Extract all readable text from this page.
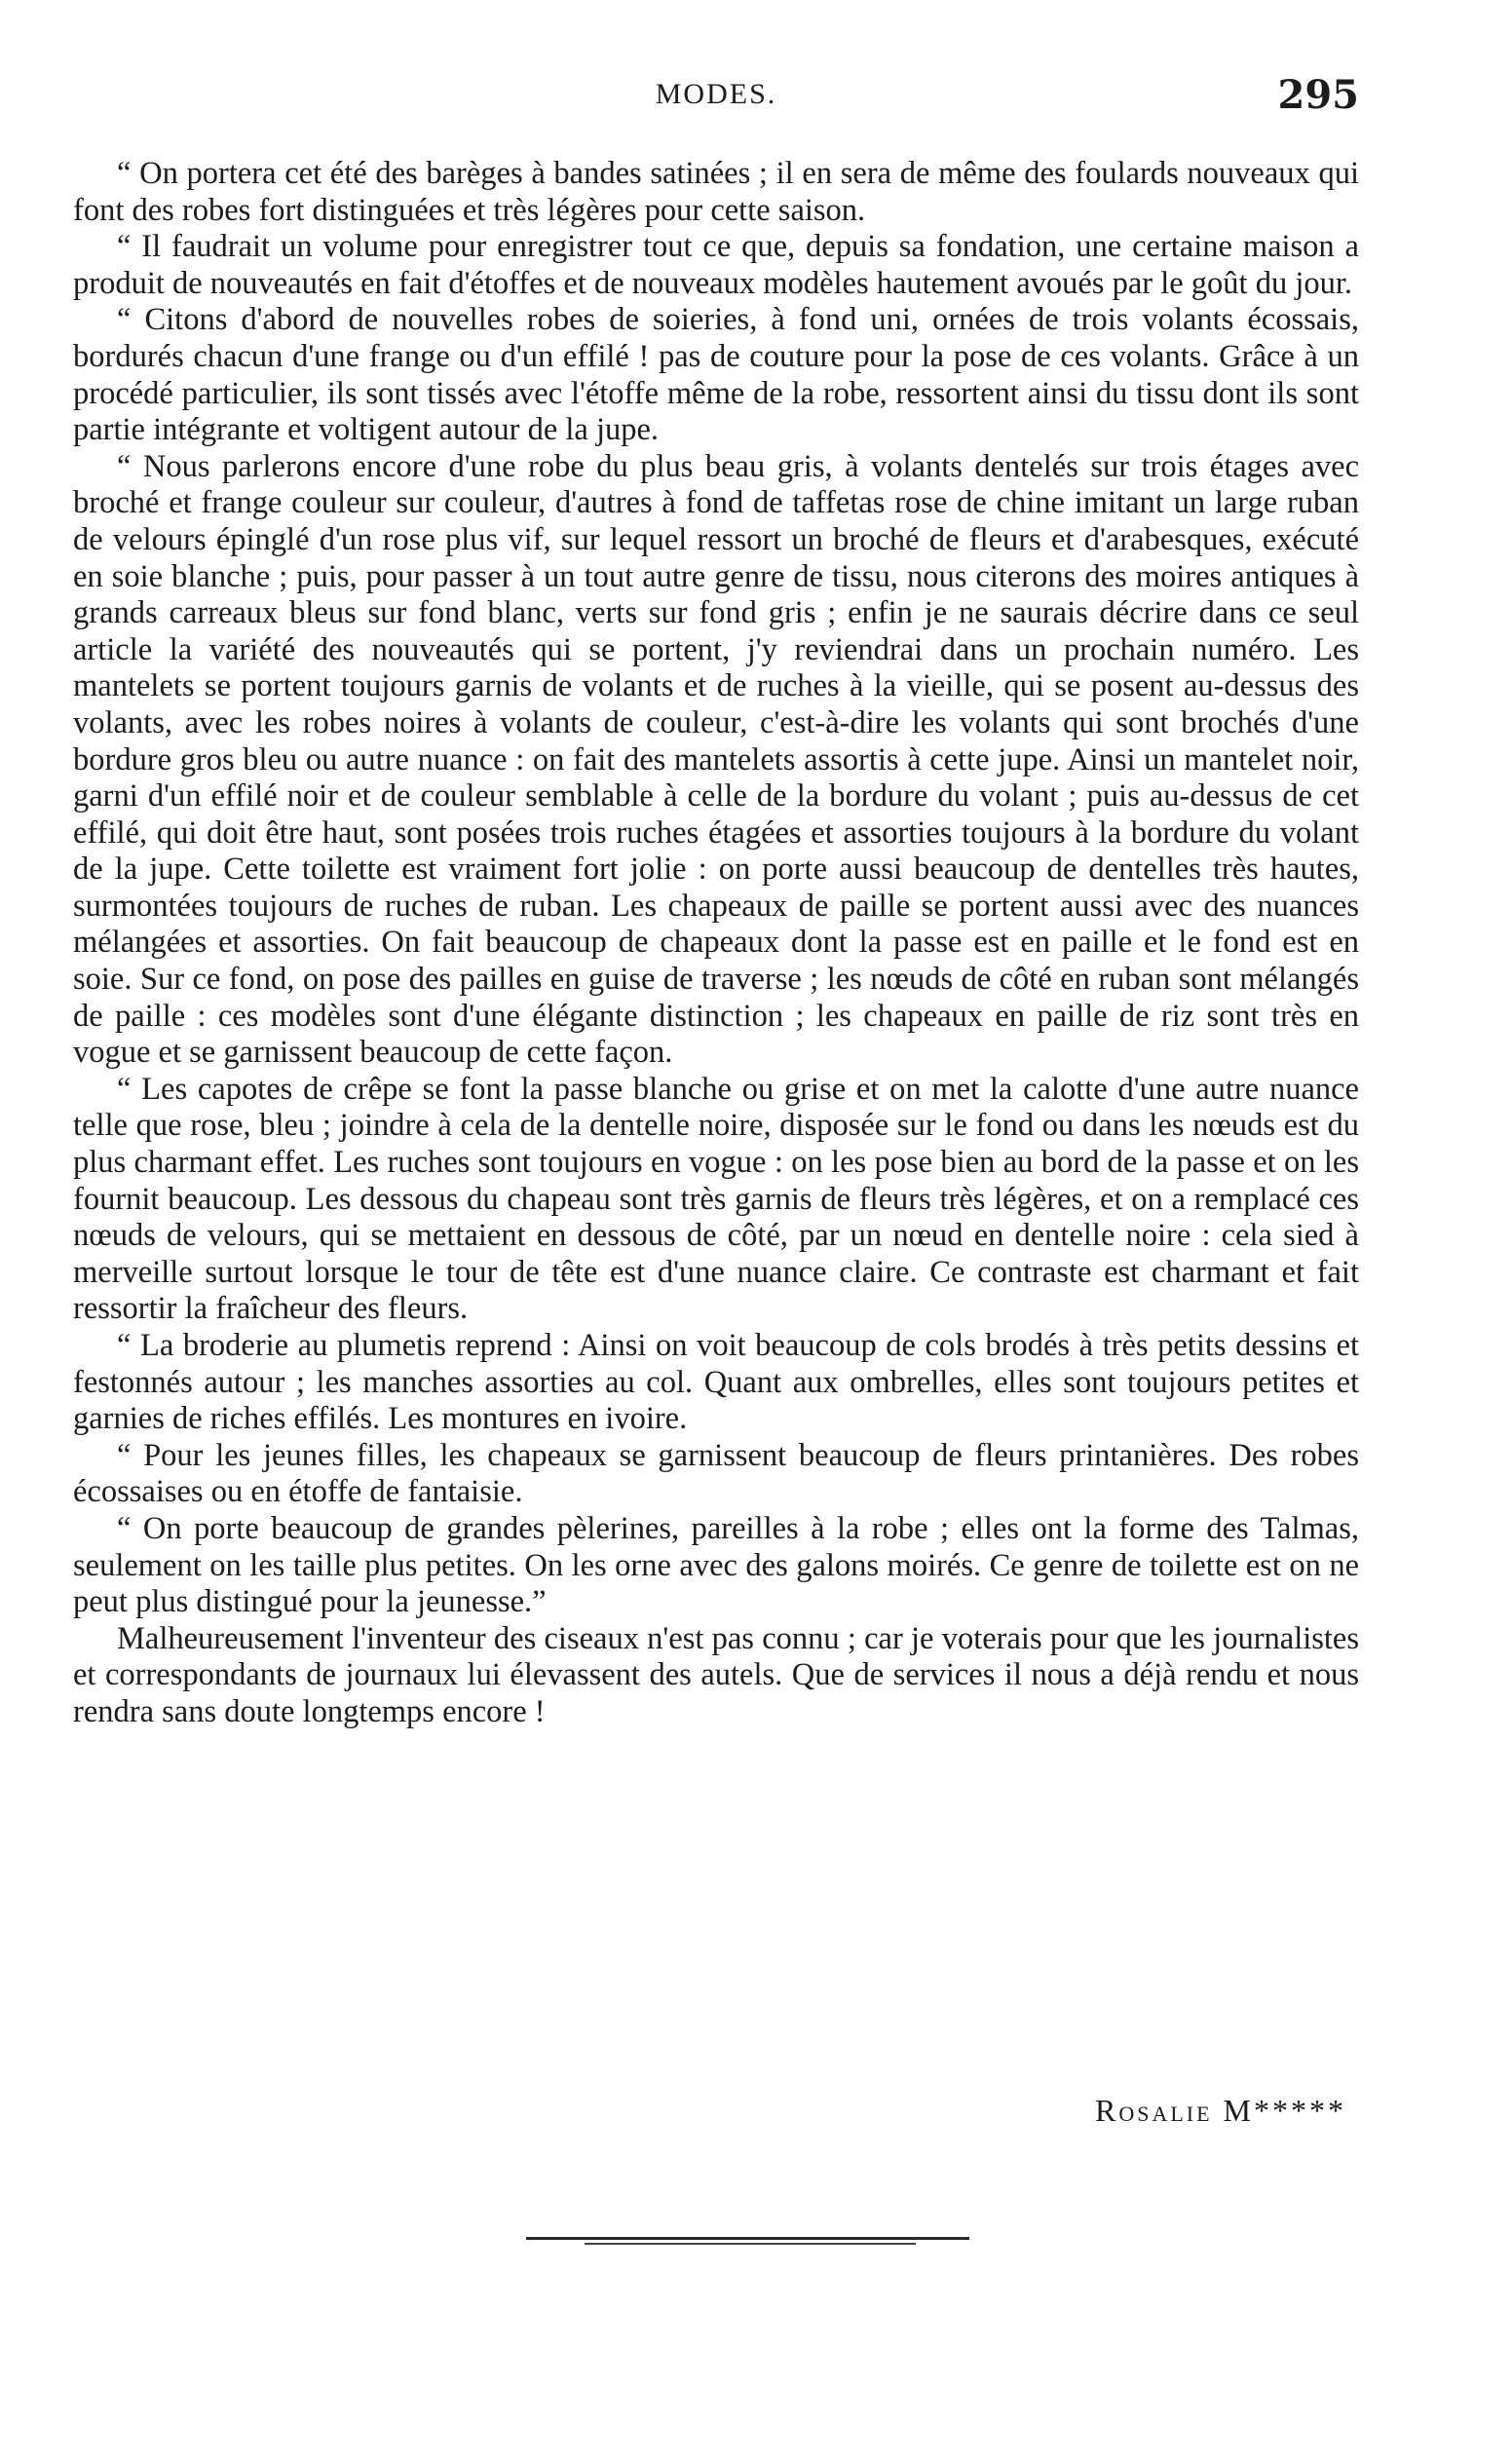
MODES.	295

“ On portera cet été des barèges à bandes satinées ; il en sera de même des foulards nouveaux qui font des robes fort distinguées et très légères pour cette saison.

“ Il faudrait un volume pour enregistrer tout ce que, depuis sa fondation, une certaine maison a produit de nouveautés en fait d'étoffes et de nouveaux modèles hautement avoués par le goût du jour.

“ Citons d'abord de nouvelles robes de soieries, à fond uni, ornées de trois volants écossais, bordurés chacun d'une frange ou d'un effilé ! pas de couture pour la pose de ces volants. Grâce à un procédé particulier, ils sont tissés avec l'étoffe même de la robe, ressortent ainsi du tissu dont ils sont partie intégrante et voltigent autour de la jupe.

“ Nous parlerons encore d'une robe du plus beau gris, à volants dentelés sur trois étages avec broché et frange couleur sur couleur, d'autres à fond de taffetas rose de chine imitant un large ruban de velours épinglé d'un rose plus vif, sur lequel ressort un broché de fleurs et d'arabesques, exécuté en soie blanche ; puis, pour passer à un tout autre genre de tissu, nous citerons des moires antiques à grands carreaux bleus sur fond blanc, verts sur fond gris ; enfin je ne saurais décrire dans ce seul article la variété des nouveautés qui se portent, j'y reviendrai dans un prochain numéro. Les mantelets se portent toujours garnis de volants et de ruches à la vieille, qui se posent au-dessus des volants, avec les robes noires à volants de couleur, c'est-à-dire les volants qui sont brochés d'une bordure gros bleu ou autre nuance : on fait des mantelets assortis à cette jupe. Ainsi un mantelet noir, garni d'un effilé noir et de couleur semblable à celle de la bordure du volant ; puis au-dessus de cet effilé, qui doit être haut, sont posées trois ruches étagées et assorties toujours à la bordure du volant de la jupe. Cette toilette est vraiment fort jolie : on porte aussi beaucoup de dentelles très hautes, surmontées toujours de ruches de ruban. Les chapeaux de paille se portent aussi avec des nuances mélangées et assorties. On fait beaucoup de chapeaux dont la passe est en paille et le fond est en soie. Sur ce fond, on pose des pailles en guise de traverse ; les nœuds de côté en ruban sont mélangés de paille : ces modèles sont d'une élégante distinction ; les chapeaux en paille de riz sont très en vogue et se garnissent beaucoup de cette façon.

“ Les capotes de crêpe se font la passe blanche ou grise et on met la calotte d'une autre nuance telle que rose, bleu ; joindre à cela de la dentelle noire, disposée sur le fond ou dans les nœuds est du plus charmant effet. Les ruches sont toujours en vogue : on les pose bien au bord de la passe et on les fournit beaucoup. Les dessous du chapeau sont très garnis de fleurs très légères, et on a remplacé ces nœuds de velours, qui se mettaient en dessous de côté, par un nœud en dentelle noire : cela sied à merveille surtout lorsque le tour de tête est d'une nuance claire. Ce contraste est charmant et fait ressortir la fraîcheur des fleurs.

“ La broderie au plumetis reprend : Ainsi on voit beaucoup de cols brodés à très petits dessins et festonnés autour ; les manches assorties au col. Quant aux ombrelles, elles sont toujours petites et garnies de riches effilés. Les montures en ivoire.

“ Pour les jeunes filles, les chapeaux se garnissent beaucoup de fleurs printanières. Des robes écossaises ou en étoffe de fantaisie.

“ On porte beaucoup de grandes pèlerines, pareilles à la robe ; elles ont la forme des Talmas, seulement on les taille plus petites. On les orne avec des galons moirés. Ce genre de toilette est on ne peut plus distingué pour la jeunesse.”

Malheureusement l'inventeur des ciseaux n'est pas connu ; car je voterais pour que les journalistes et correspondants de journaux lui élevassent des autels. Que de services il nous a déjà rendu et nous rendra sans doute longtemps encore !

Rosalie M*****
